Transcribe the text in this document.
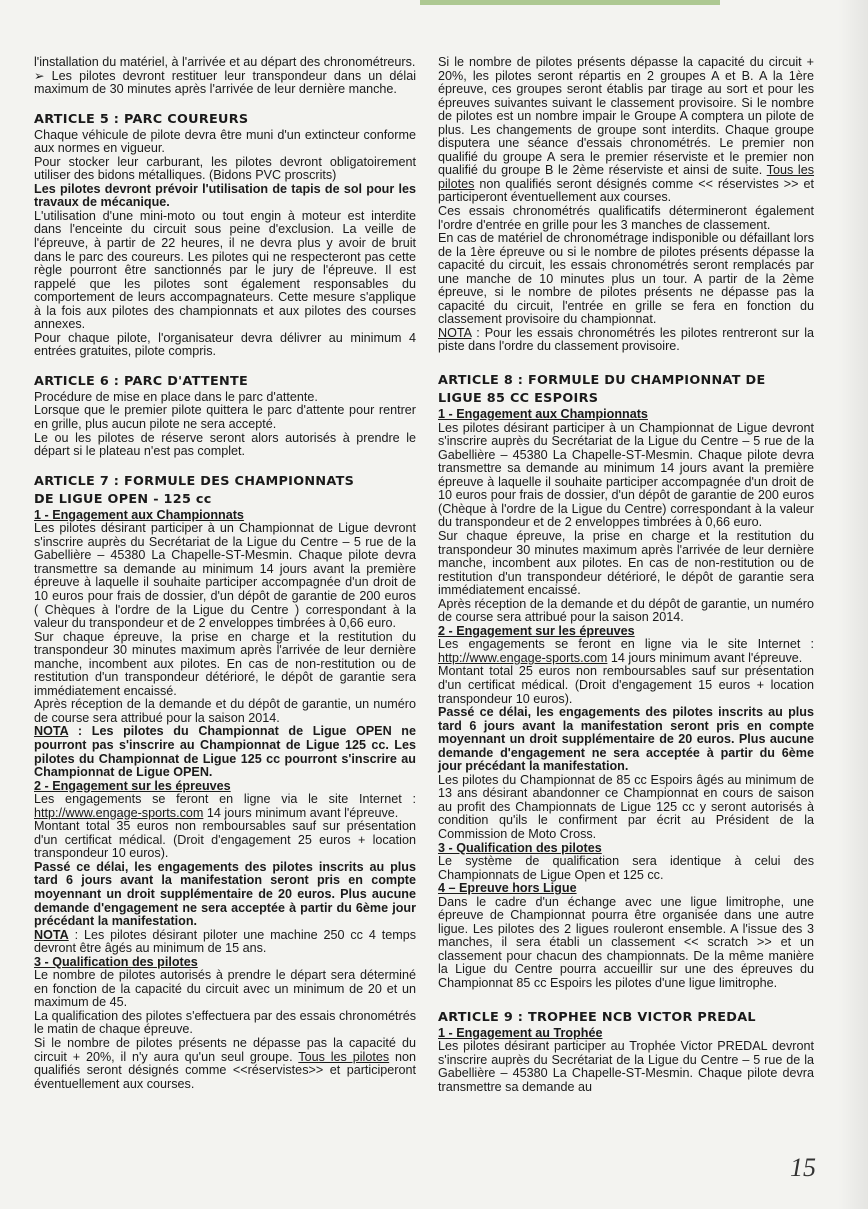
l'installation du matériel, à l'arrivée et au départ des chronométreurs.

➢ Les pilotes devront restituer leur transpondeur dans un délai maximum de 30 minutes après l'arrivée de leur dernière manche.

ARTICLE 5 : PARC COUREURS

Chaque véhicule de pilote devra être muni d'un extincteur conforme aux normes en vigueur.

Pour stocker leur carburant, les pilotes devront obligatoirement utiliser des bidons métalliques. (Bidons PVC proscrits)

Les pilotes devront prévoir l'utilisation de tapis de sol pour les travaux de mécanique.

L'utilisation d'une mini-moto ou tout engin à moteur est interdite dans l'enceinte du circuit sous peine d'exclusion. La veille de l'épreuve, à partir de 22 heures, il ne devra plus y avoir de bruit dans le parc des coureurs. Les pilotes qui ne respecteront pas cette règle pourront être sanctionnés par le jury de l'épreuve. Il est rappelé que les pilotes sont également responsables du comportement de leurs accompagnateurs. Cette mesure s'applique à la fois aux pilotes des championnats et aux pilotes des courses annexes.

Pour chaque pilote, l'organisateur devra délivrer au minimum 4 entrées gratuites, pilote compris.

ARTICLE 6 : PARC D'ATTENTE

Procédure de mise en place dans le parc d'attente.

Lorsque que le premier pilote quittera le parc d'attente pour rentrer en grille, plus aucun pilote ne sera accepté.

Le ou les pilotes de réserve seront alors autorisés à prendre le départ si le plateau n'est pas complet.

ARTICLE 7 : FORMULE DES CHAMPIONNATS
DE LIGUE OPEN - 125 cc

1 - Engagement aux Championnats

Les pilotes désirant participer à un Championnat de Ligue devront s'inscrire auprès du Secrétariat de la Ligue du Centre – 5 rue de la Gabellière – 45380 La Chapelle-ST-Mesmin. Chaque pilote devra transmettre sa demande au minimum 14 jours avant la première épreuve à laquelle il souhaite participer accompagnée d'un droit de 10 euros pour frais de dossier, d'un dépôt de garantie de 200 euros ( Chèques à l'ordre de la Ligue du Centre ) correspondant à la valeur du transpondeur et de 2 enveloppes timbrées à 0,66 euro.

Sur chaque épreuve, la prise en charge et la restitution du transpondeur 30 minutes maximum après l'arrivée de leur dernière manche, incombent aux pilotes. En cas de non-restitution ou de restitution d'un transpondeur détérioré, le dépôt de garantie sera immédiatement encaissé.

Après réception de la demande et du dépôt de garantie, un numéro de course sera attribué pour la saison 2014.

NOTA : Les pilotes du Championnat de Ligue OPEN ne pourront pas s'inscrire au Championnat de Ligue 125 cc. Les pilotes du Championnat de Ligue 125 cc pourront s'inscrire au Championnat de Ligue OPEN.

2 - Engagement sur les épreuves

Les engagements se feront en ligne via le site Internet : http://www.engage-sports.com 14 jours minimum avant l'épreuve.

Montant total 35 euros non remboursables sauf sur présentation d'un certificat médical. (Droit d'engagement 25 euros + location transpondeur 10 euros).

Passé ce délai, les engagements des pilotes inscrits au plus tard 6 jours avant la manifestation seront pris en compte moyennant un droit supplémentaire de 20 euros. Plus aucune demande d'engagement ne sera acceptée à partir du 6ème jour précédant la manifestation.

NOTA : Les pilotes désirant piloter une machine 250 cc 4 temps devront être âgés au minimum de 15 ans.

3 - Qualification des pilotes

Le nombre de pilotes autorisés à prendre le départ sera déterminé en fonction de la capacité du circuit avec un minimum de 20 et un maximum de 45.

La qualification des pilotes s'effectuera par des essais chronométrés le matin de chaque épreuve.

Si le nombre de pilotes présents ne dépasse pas la capacité du circuit + 20%, il n'y aura qu'un seul groupe. Tous les pilotes non qualifiés seront désignés comme <<réservistes>> et participeront éventuellement aux courses.

Si le nombre de pilotes présents dépasse la capacité du circuit + 20%, les pilotes seront répartis en 2 groupes A et B. A la 1ère épreuve, ces groupes seront établis par tirage au sort et pour les épreuves suivantes suivant le classement provisoire. Si le nombre de pilotes est un nombre impair le Groupe A comptera un pilote de plus. Les changements de groupe sont interdits. Chaque groupe disputera une séance d'essais chronométrés. Le premier non qualifié du groupe A sera le premier réserviste et le premier non qualifié du groupe B le 2ème réserviste et ainsi de suite. Tous les pilotes non qualifiés seront désignés comme << réservistes >> et participeront éventuellement aux courses.

Ces essais chronométrés qualificatifs détermineront également l'ordre d'entrée en grille pour les 3 manches de classement.

En cas de matériel de chronométrage indisponible ou défaillant lors de la 1ère épreuve ou si le nombre de pilotes présents dépasse la capacité du circuit, les essais chronométrés seront remplacés par une manche de 10 minutes plus un tour. A partir de la 2ème épreuve, si le nombre de pilotes présents ne dépasse pas la capacité du circuit, l'entrée en grille se fera en fonction du classement provisoire du championnat.

NOTA : Pour les essais chronométrés les pilotes rentreront sur la piste dans l'ordre du classement provisoire.

ARTICLE 8 : FORMULE DU CHAMPIONNAT DE
LIGUE 85 CC ESPOIRS

1 - Engagement aux Championnats

Les pilotes désirant participer à un Championnat de Ligue devront s'inscrire auprès du Secrétariat de la Ligue du Centre – 5 rue de la Gabellière – 45380 La Chapelle-ST-Mesmin. Chaque pilote devra transmettre sa demande au minimum 14 jours avant la première épreuve à laquelle il souhaite participer accompagnée d'un droit de 10 euros pour frais de dossier, d'un dépôt de garantie de 200 euros (Chèque à l'ordre de la Ligue du Centre) correspondant à la valeur du transpondeur et de 2 enveloppes timbrées à 0,66 euro.

Sur chaque épreuve, la prise en charge et la restitution du transpondeur 30 minutes maximum après l'arrivée de leur dernière manche, incombent aux pilotes. En cas de non-restitution ou de restitution d'un transpondeur détérioré, le dépôt de garantie sera immédiatement encaissé.

Après réception de la demande et du dépôt de garantie, un numéro de course sera attribué pour la saison 2014.

2 - Engagement sur les épreuves

Les engagements se feront en ligne via le site Internet : http://www.engage-sports.com 14 jours minimum avant l'épreuve.

Montant total 25 euros non remboursables sauf sur présentation d'un certificat médical. (Droit d'engagement 15 euros + location transpondeur 10 euros).

Passé ce délai, les engagements des pilotes inscrits au plus tard 6 jours avant la manifestation seront pris en compte moyennant un droit supplémentaire de 20 euros. Plus aucune demande d'engagement ne sera acceptée à partir du 6ème jour précédant la manifestation.

Les pilotes du Championnat de 85 cc Espoirs âgés au minimum de 13 ans désirant abandonner ce Championnat en cours de saison au profit des Championnats de Ligue 125 cc y seront autorisés à condition qu'ils le confirment par écrit au Président de la Commission de Moto Cross.

3 - Qualification des pilotes

Le système de qualification sera identique à celui des Championnats de Ligue Open et 125 cc.

4 – Epreuve hors Ligue

Dans le cadre d'un échange avec une ligue limitrophe, une épreuve de Championnat pourra être organisée dans une autre ligue. Les pilotes des 2 ligues rouleront ensemble. A l'issue des 3 manches, il sera établi un classement << scratch >> et un classement pour chacun des championnats. De la même manière la Ligue du Centre pourra accueillir sur une des épreuves du Championnat 85 cc Espoirs les pilotes d'une ligue limitrophe.

ARTICLE 9 : TROPHEE NCB VICTOR PREDAL

1 - Engagement au Trophée

Les pilotes désirant participer au Trophée Victor PREDAL devront s'inscrire auprès du Secrétariat de la Ligue du Centre – 5 rue de la Gabellière – 45380 La Chapelle-ST-Mesmin. Chaque pilote devra transmettre sa demande au

15
